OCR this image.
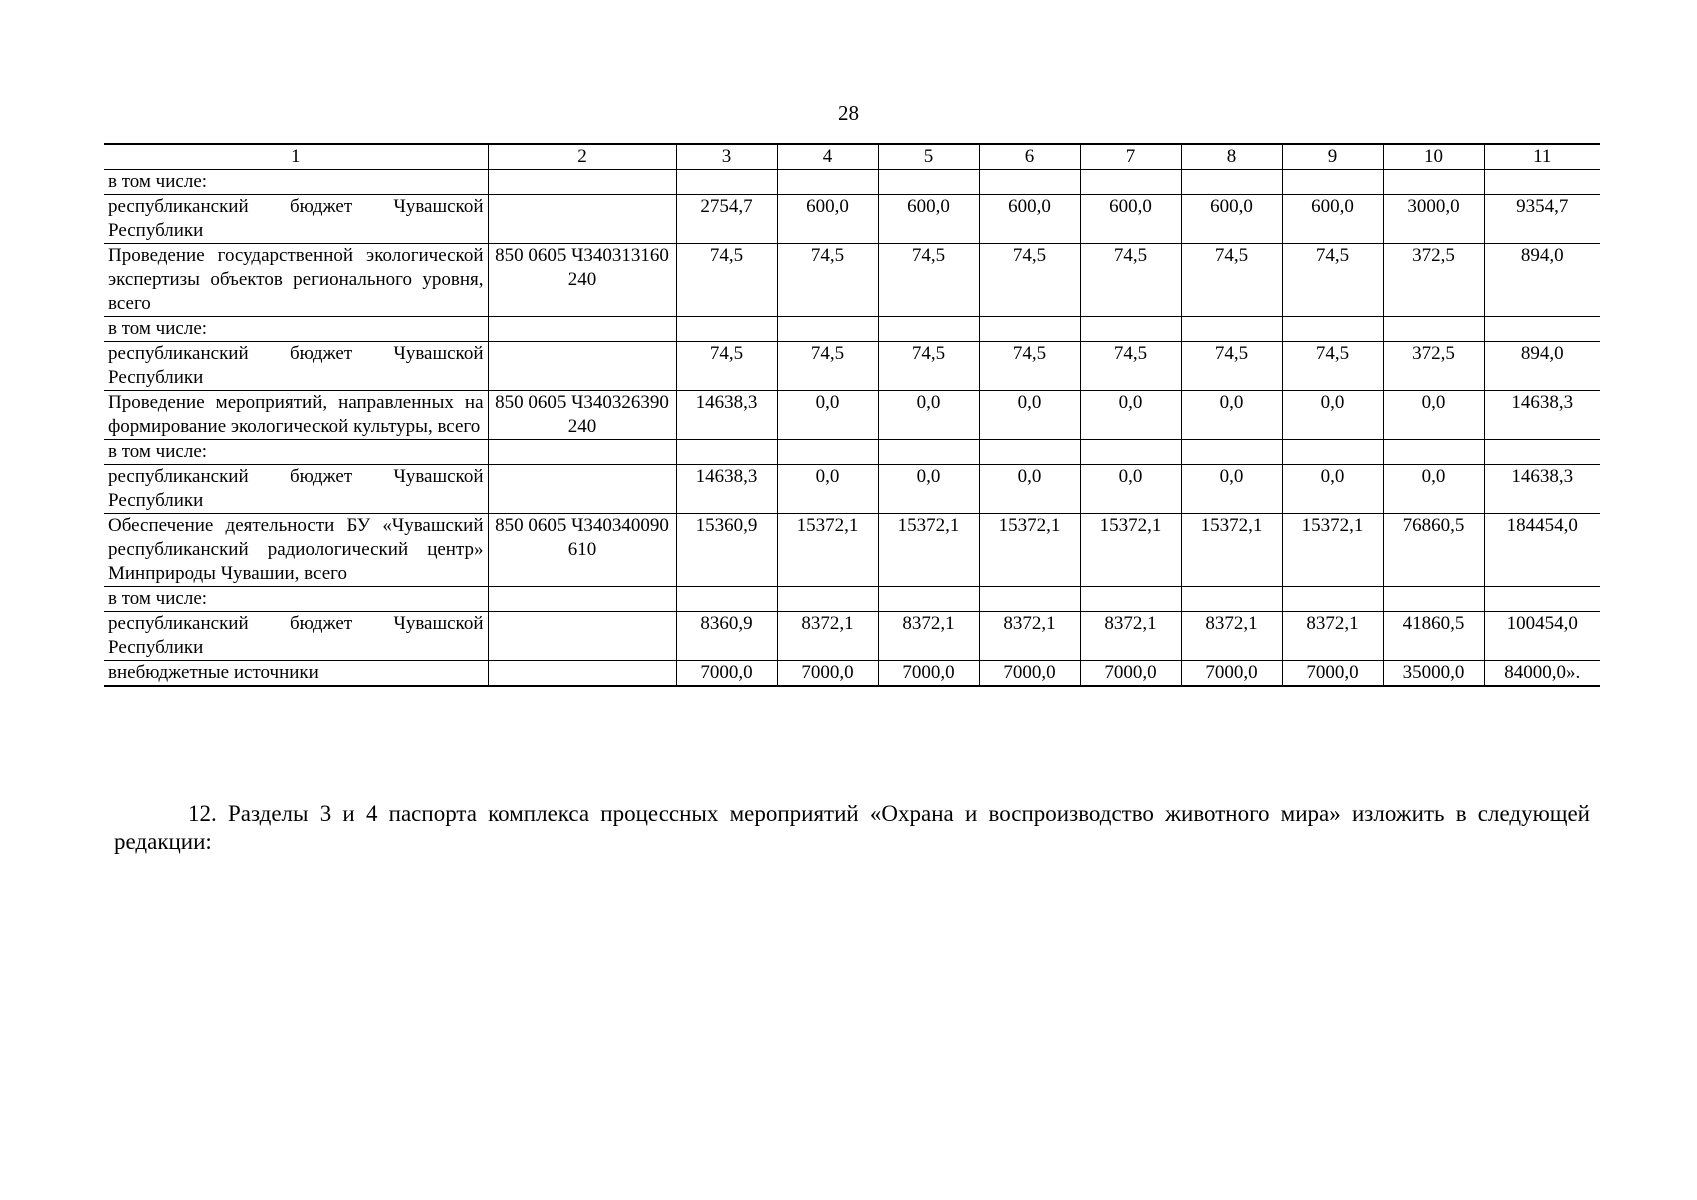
28
1	2	3	4	5	6	7	8	9	10	11
в том числе:										
республиканский бюджет Чувашской Республики		2754,7	600,0	600,0	600,0	600,0	600,0	600,0	3000,0	9354,7
Проведение государственной экологической экспертизы объектов регионального уровня, всего	850 0605 Ч340313160 240	74,5	74,5	74,5	74,5	74,5	74,5	74,5	372,5	894,0
в том числе:										
республиканский бюджет Чувашской Республики		74,5	74,5	74,5	74,5	74,5	74,5	74,5	372,5	894,0
Проведение мероприятий, направленных на формирование экологической культуры, всего	850 0605 Ч340326390 240	14638,3	0,0	0,0	0,0	0,0	0,0	0,0	0,0	14638,3
в том числе:										
республиканский бюджет Чувашской Республики		14638,3	0,0	0,0	0,0	0,0	0,0	0,0	0,0	14638,3
Обеспечение деятельности БУ «Чувашский республиканский радиологический центр» Минприроды Чувашии, всего	850 0605 Ч340340090 610	15360,9	15372,1	15372,1	15372,1	15372,1	15372,1	15372,1	76860,5	184454,0
в том числе:										
республиканский бюджет Чувашской Республики		8360,9	8372,1	8372,1	8372,1	8372,1	8372,1	8372,1	41860,5	100454,0
внебюджетные источники		7000,0	7000,0	7000,0	7000,0	7000,0	7000,0	7000,0	35000,0	84000,0».
12. Разделы 3 и 4 паспорта комплекса процессных мероприятий «Охрана и воспроизводство животного мира» изложить в следующей редакции:
